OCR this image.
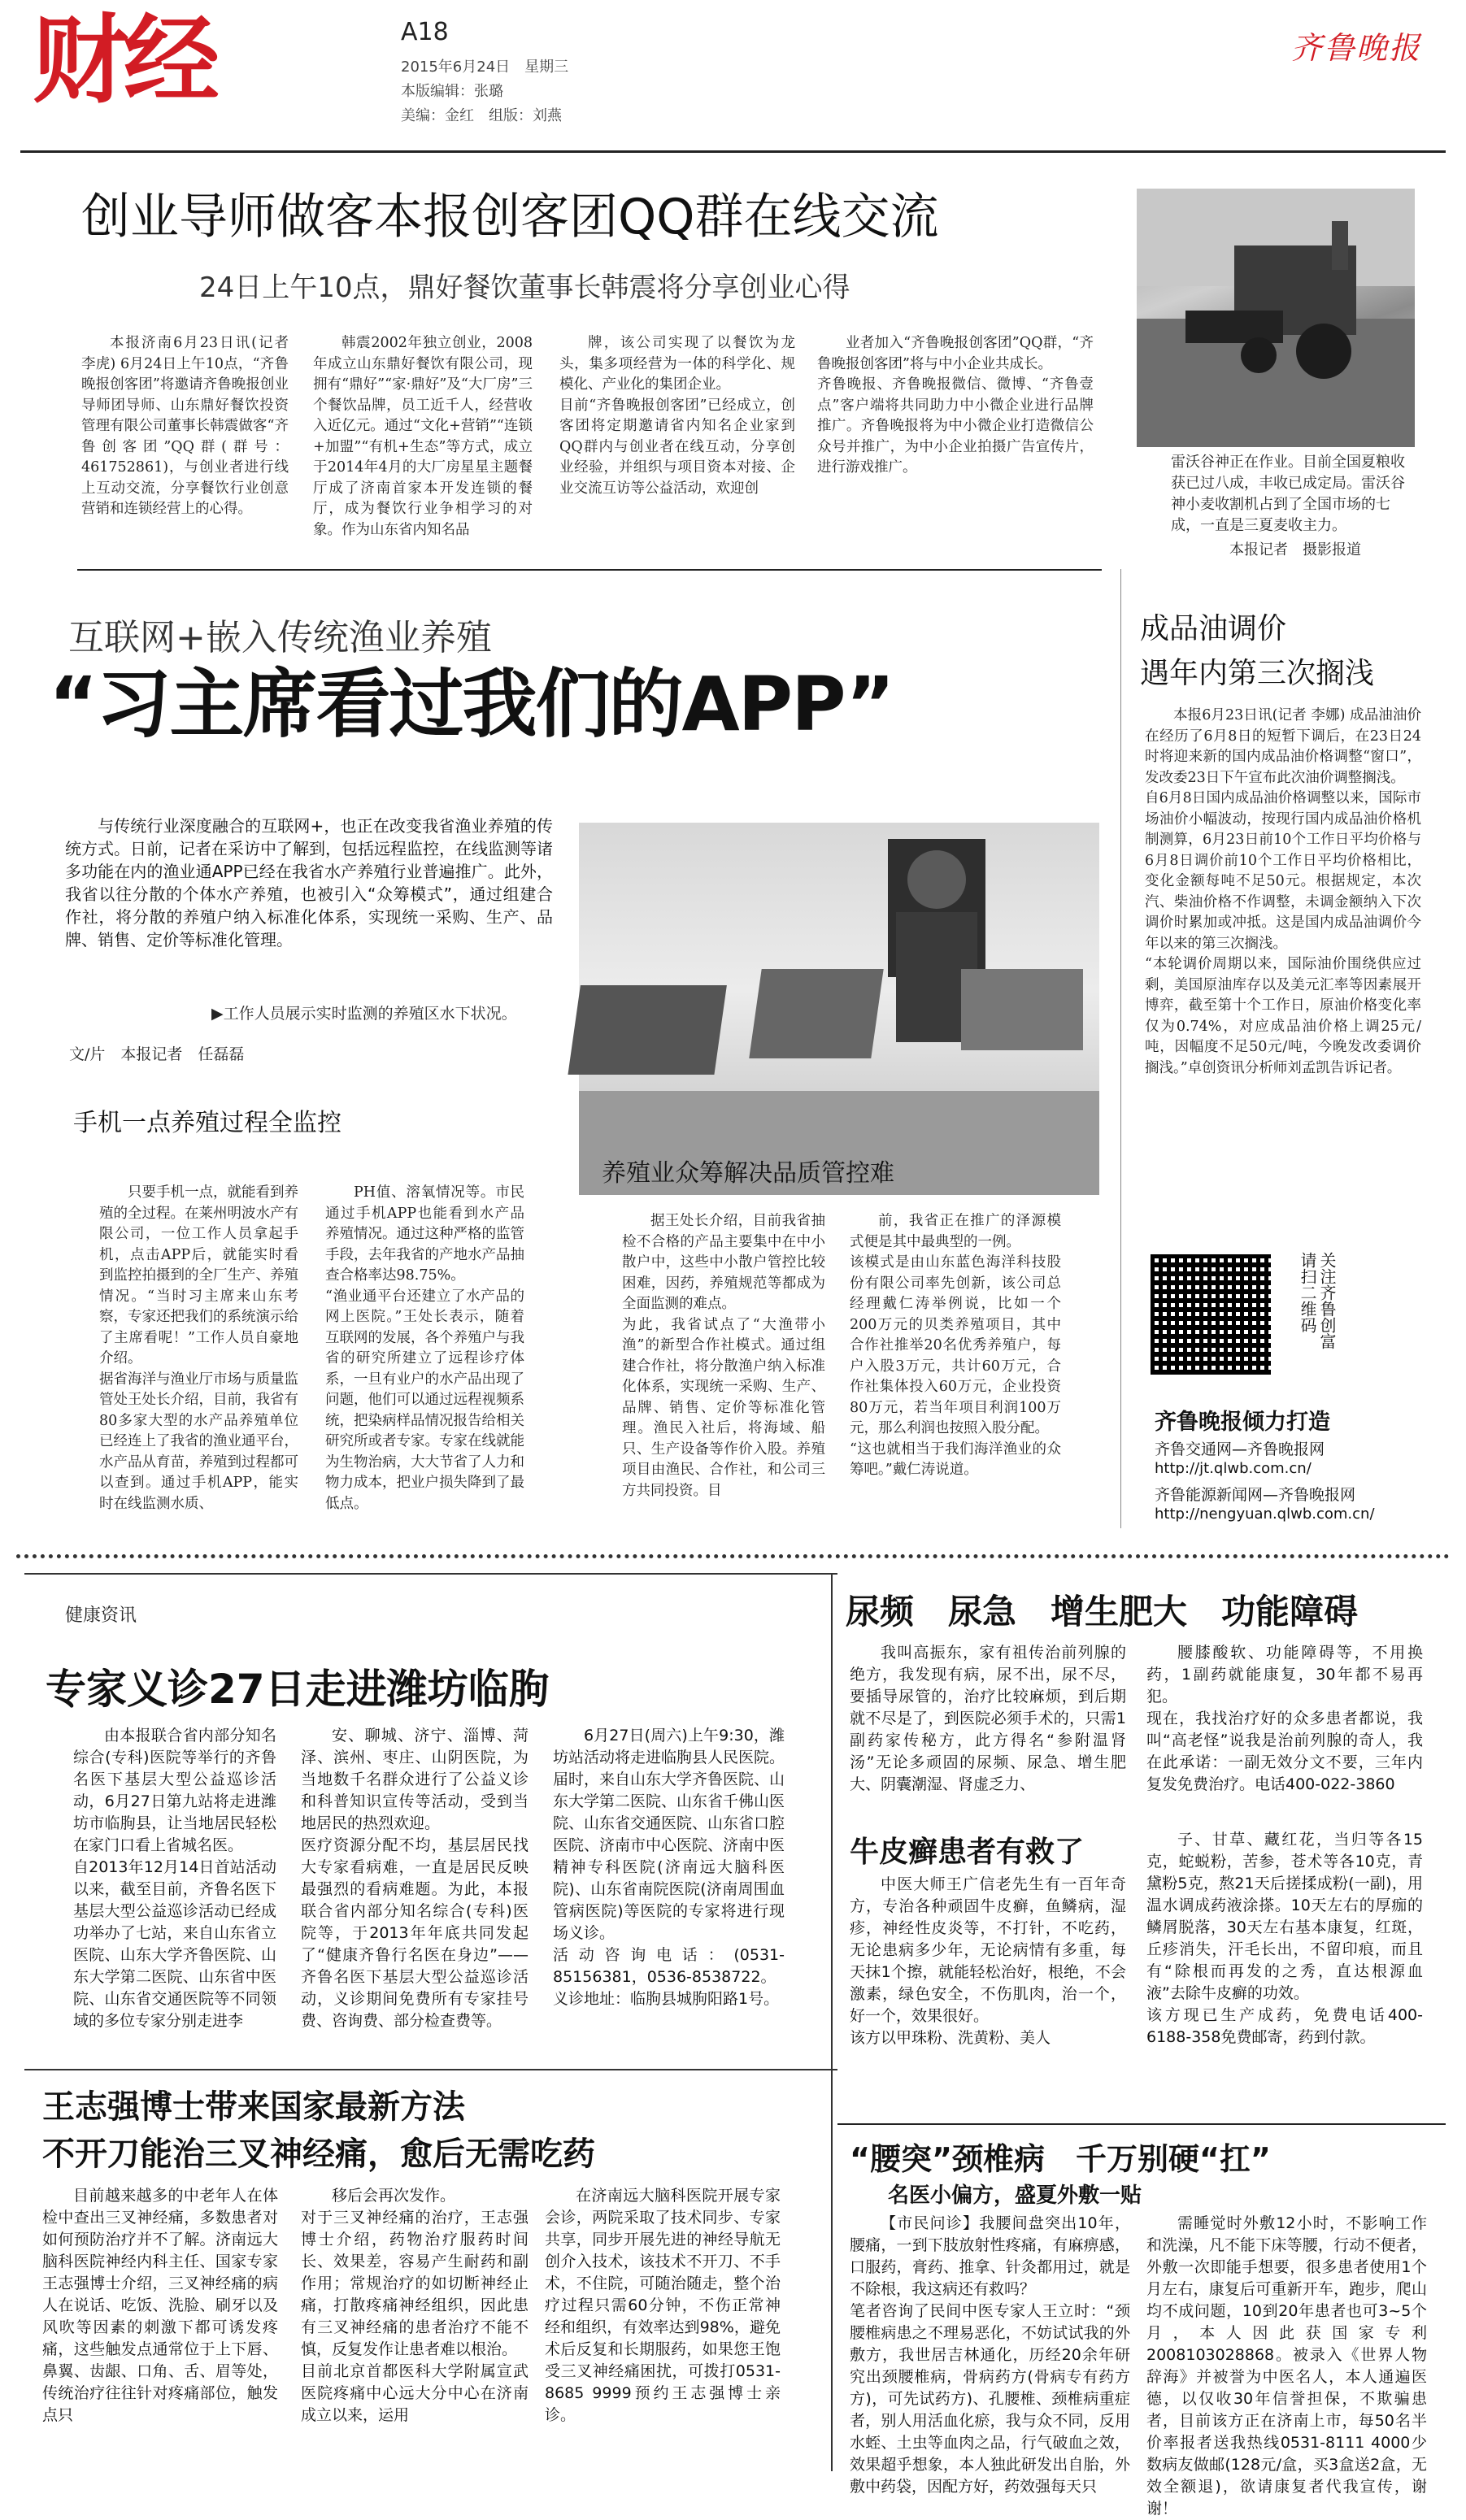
财经	A18
2015年6月24日　星期三
本版编辑：张璐
美编：金红　组版：刘燕
齐鲁晚报
创业导师做客本报创客团QQ群在线交流
24日上午10点，鼎好餐饮董事长韩震将分享创业心得

本报济南6月23日讯(记者 李虎) 6月24日上午10点，“齐鲁晚报创客团”将邀请齐鲁晚报创业导师团导师、山东鼎好餐饮投资管理有限公司董事长韩震做客“齐鲁创客团”QQ群(群号：461752861)，与创业者进行线上互动交流，分享餐饮行业创意营销和连锁经营上的心得。

韩震2002年独立创业，2008年成立山东鼎好餐饮有限公司，现拥有“鼎好”“家·鼎好”及“大厂房”三个餐饮品牌，员工近千人，经营收入近亿元。通过“文化+营销”“连锁+加盟”“有机+生态”等方式，成立于2014年4月的大厂房星星主题餐厅成了济南首家本开发连锁的餐厅，成为餐饮行业争相学习的对象。作为山东省内知名品

牌，该公司实现了以餐饮为龙头，集多项经营为一体的科学化、规模化、产业化的集团企业。
目前“齐鲁晚报创客团”已经成立，创客团将定期邀请省内知名企业家到QQ群内与创业者在线互动，分享创业经验，并组织与项目资本对接、企业交流互访等公益活动，欢迎创

业者加入“齐鲁晚报创客团”QQ群，“齐鲁晚报创客团”将与中小企业共成长。
齐鲁晚报、齐鲁晚报微信、微博、“齐鲁壹点”客户端将共同助力中小微企业进行品牌推广。齐鲁晚报将为中小微企业打造微信公众号并推广，为中小企业拍摄广告宣传片，进行游戏推广。	雷沃谷神正在作业。目前全国夏粮收获已过八成，丰收已成定局。雷沃谷神小麦收割机占到了全国市场的七成，一直是三夏麦收主力。
本报记者　摄影报道
互联网+嵌入传统渔业养殖
“习主席看过我们的APP”
与传统行业深度融合的互联网+，也正在改变我省渔业养殖的传统方式。日前，记者在采访中了解到，包括远程监控，在线监测等诸多功能在内的渔业通APP已经在我省水产养殖行业普遍推广。此外，我省以往分散的个体水产养殖，也被引入“众筹模式”，通过组建合作社，将分散的养殖户纳入标准化体系，实现统一采购、生产、品牌、销售、定价等标准化管理。
▶工作人员展示实时监测的养殖区水下状况。
文/片　本报记者　任磊磊
手机一点养殖过程全监控
养殖业众筹解决品质管控难

只要手机一点，就能看到养殖的全过程。在莱州明波水产有限公司，一位工作人员拿起手机，点击APP后，就能实时看到监控拍摄到的全厂生产、养殖情况。“当时习主席来山东考察，专家还把我们的系统演示给了主席看呢！”工作人员自豪地介绍。
据省海洋与渔业厅市场与质量监管处王处长介绍，目前，我省有80多家大型的水产品养殖单位已经连上了我省的渔业通平台，水产品从育苗，养殖到过程都可以查到。通过手机APP，能实时在线监测水质、

PH值、溶氧情况等。市民通过手机APP也能看到水产品养殖情况。通过这种严格的监管手段，去年我省的产地水产品抽查合格率达98.75%。
“渔业通平台还建立了水产品的网上医院。”王处长表示，随着互联网的发展，各个养殖户与我省的研究所建立了远程诊疗体系，一旦有业户的水产品出现了问题，他们可以通过远程视频系统，把染病样品情况报告给相关研究所或者专家。专家在线就能为生物治病，大大节省了人力和物力成本，把业户损失降到了最低点。

据王处长介绍，目前我省抽检不合格的产品主要集中在中小散户中，这些中小散户管控比较困难，因药，养殖规范等都成为全面监测的难点。
为此，我省试点了“大渔带小渔”的新型合作社模式。通过组建合作社，将分散渔户纳入标准化体系，实现统一采购、生产、品牌、销售、定价等标准化管理。渔民入社后，将海域、船只、生产设备等作价入股。养殖项目由渔民、合作社，和公司三方共同投资。目

前，我省正在推广的泽源模式便是其中最典型的一例。
该模式是由山东蓝色海洋科技股份有限公司率先创新，该公司总经理戴仁涛举例说，比如一个200万元的贝类养殖项目，其中合作社推举20名优秀养殖户，每户入股3万元，共计60万元，合作社集体投入60万元，企业投资80万元，若当年项目利润100万元，那么利润也按照入股分配。
“这也就相当于我们海洋渔业的众筹吧。”戴仁涛说道。

成品油调价
遇年内第三次搁浅

本报6月23日讯(记者 李娜) 成品油油价在经历了6月8日的短暂下调后，在23日24时将迎来新的国内成品油价格调整“窗口”，发改委23日下午宣布此次油价调整搁浅。
自6月8日国内成品油价格调整以来，国际市场油价小幅波动，按现行国内成品油价格机制测算，6月23日前10个工作日平均价格与6月8日调价前10个工作日平均价格相比，变化金额每吨不足50元。根据规定，本次汽、柴油价格不作调整，未调金额纳入下次调价时累加或冲抵。这是国内成品油调价今年以来的第三次搁浅。
“本轮调价周期以来，国际油价围绕供应过剩，美国原油库存以及美元汇率等因素展开博弈，截至第十个工作日，原油价格变化率仅为0.74%，对应成品油价格上调25元/吨，因幅度不足50元/吨，今晚发改委调价搁浅。”卓创资讯分析师刘孟凯告诉记者。

关注齐鲁创富　请扫二维码
齐鲁晚报倾力打造
齐鲁交通网—齐鲁晚报网
http://jt.qlwb.com.cn/
齐鲁能源新闻网—齐鲁晚报网
http://nengyuan.qlwb.com.cn/
健康资讯
专家义诊27日走进潍坊临朐

由本报联合省内部分知名综合(专科)医院等举行的齐鲁名医下基层大型公益巡诊活动，6月27日第九站将走进潍坊市临朐县，让当地居民轻松在家门口看上省城名医。
自2013年12月14日首站活动以来，截至目前，齐鲁名医下基层大型公益巡诊活动已经成功举办了七站，来自山东省立医院、山东大学齐鲁医院、山东大学第二医院、山东省中医院、山东省交通医院等不同领域的多位专家分别走进李

安、聊城、济宁、淄博、菏泽、滨州、枣庄、山阴医院，为当地数千名群众进行了公益义诊和科普知识宣传等活动，受到当地居民的热烈欢迎。
医疗资源分配不均，基层居民找大专家看病难，一直是居民反映最强烈的看病难题。为此，本报联合省内部分知名综合(专科)医院等，于2013年年底共同发起了“健康齐鲁行名医在身边”——齐鲁名医下基层大型公益巡诊活动，义诊期间免费所有专家挂号费、咨询费、部分检查费等。

6月27日(周六)上午9:30，潍坊站活动将走进临朐县人民医院。届时，来自山东大学齐鲁医院、山东大学第二医院、山东省千佛山医院、山东省交通医院、山东省口腔医院、济南市中心医院、济南中医精神专科医院(济南远大脑科医院)、山东省南院医院(济南周围血管病医院)等医院的专家将进行现场义诊。
活动咨询电话：(0531-85156381，0536-8538722。
义诊地址：临朐县城朐阳路1号。

王志强博士带来国家最新方法
不开刀能治三叉神经痛，愈后无需吃药

目前越来越多的中老年人在体检中查出三叉神经痛，多数患者对如何预防治疗并不了解。济南远大脑科医院神经内科主任、国家专家王志强博士介绍，三叉神经痛的病人在说话、吃饭、洗脸、刷牙以及风吹等因素的刺激下都可诱发疼痛，这些触发点通常位于上下唇、鼻翼、齿龈、口角、舌、眉等处，传统治疗往往针对疼痛部位，触发点只

移后会再次发作。
对于三叉神经痛的治疗，王志强博士介绍，药物治疗服药时间长、效果差，容易产生耐药和副作用；常规治疗的如切断神经止痛，打散疼痛神经组织，因此患有三叉神经痛的患者治疗不能不慎，反复发作让患者难以根治。
目前北京首都医科大学附属宣武医院疼痛中心远大分中心在济南成立以来，运用

在济南远大脑科医院开展专家会诊，两院采取了技术同步、专家共享，同步开展先进的神经导航无创介入技术，该技术不开刀、不手术，不住院，可随治随走，整个治疗过程只需60分钟，不伤正常神经和组织，有效率达到98%，避免术后反复和长期服药，如果您王饱受三叉神经痛困扰，可拨打0531-8685 9999预约王志强博士亲诊。

尿频　尿急　增生肥大　功能障碍

我叫高振东，家有祖传治前列腺的绝方，我发现有病，尿不出，尿不尽，要插导尿管的，治疗比较麻烦，到后期就不尽是了，到医院必须手术的，只需1副药家传秘方，此方得名“参附温肾汤”无论多顽固的尿频、尿急、增生肥大、阴囊潮湿、肾虚乏力、

腰膝酸软、功能障碍等，不用换药，1副药就能康复，30年都不易再犯。
现在，我找治疗好的众多患者都说，我叫“高老怪”说我是治前列腺的奇人，我在此承诺：一副无效分文不要，三年内复发免费治疗。电话400-022-3860

牛皮癣患者有救了

中医大师王广信老先生有一百年奇方，专治各种顽固牛皮癣，鱼鳞病，湿疹，神经性皮炎等，不打针，不吃药，无论患病多少年，无论病情有多重，每天抹1个擦，就能轻松治好，根绝，不会激素，绿色安全，不伤肌肉，治一个，好一个，效果很好。
该方以甲珠粉、洗黄粉、美人

子、甘草、藏红花，当归等各15克，蛇蜕粉，苦参，苍术等各10克，青黛粉5克，熬21天后搓揉成粉(一副)，用温水调成药液涂搽。10天左右的厚痂的鳞屑脱落，30天左右基本康复，红斑，丘疹消失，汗毛长出，不留印痕，而且有“除根而再发的之秀，直达根源血液”去除牛皮癣的功效。
该方现已生产成药，免费电话400-6188-358免费邮寄，药到付款。

“腰突”颈椎病　千万别硬“扛”
名医小偏方，盛夏外敷一贴

【市民问诊】我腰间盘突出10年，腰痛，一到下肢放射性疼痛，有麻痹感，口服药，膏药、推拿、针灸都用过，就是不除根，我这病还有救吗？
笔者咨询了民间中医专家人王立时：“颈腰椎病患之不理易恶化，不妨试试我的外敷方，我世居吉林通化，历经20余年研究出颈腰椎病，骨病药方(骨病专有药方方)，可先试药方)、孔腰椎、颈椎病重症者，别人用活血化瘀，我与众不同，反用水蛭、土虫等血肉之品，行气破血之效，效果超乎想象，本人独此研发出自胎，外敷中药袋，因配方好，药效强每天只

需睡觉时外敷12小时，不影响工作和洗澡，凡不能下床等腰，行动不便者，外敷一次即能手想要，很多患者使用1个月左右，康复后可重新开车，跑步，爬山均不成问题，10到20年患者也可3~5个月，本人因此获国家专利2008103028868。被录入《世界人物辞海》并被誉为中医名人，本人通遍医德，以仅收30年信誉担保，不欺骗患者，目前该方正在济南上市，每50名半价率报者送我热线0531-8111 4000少数病友做邮(128元/盒，买3盒送2盒，无效全额退)，欲请康复者代我宣传，谢谢！
